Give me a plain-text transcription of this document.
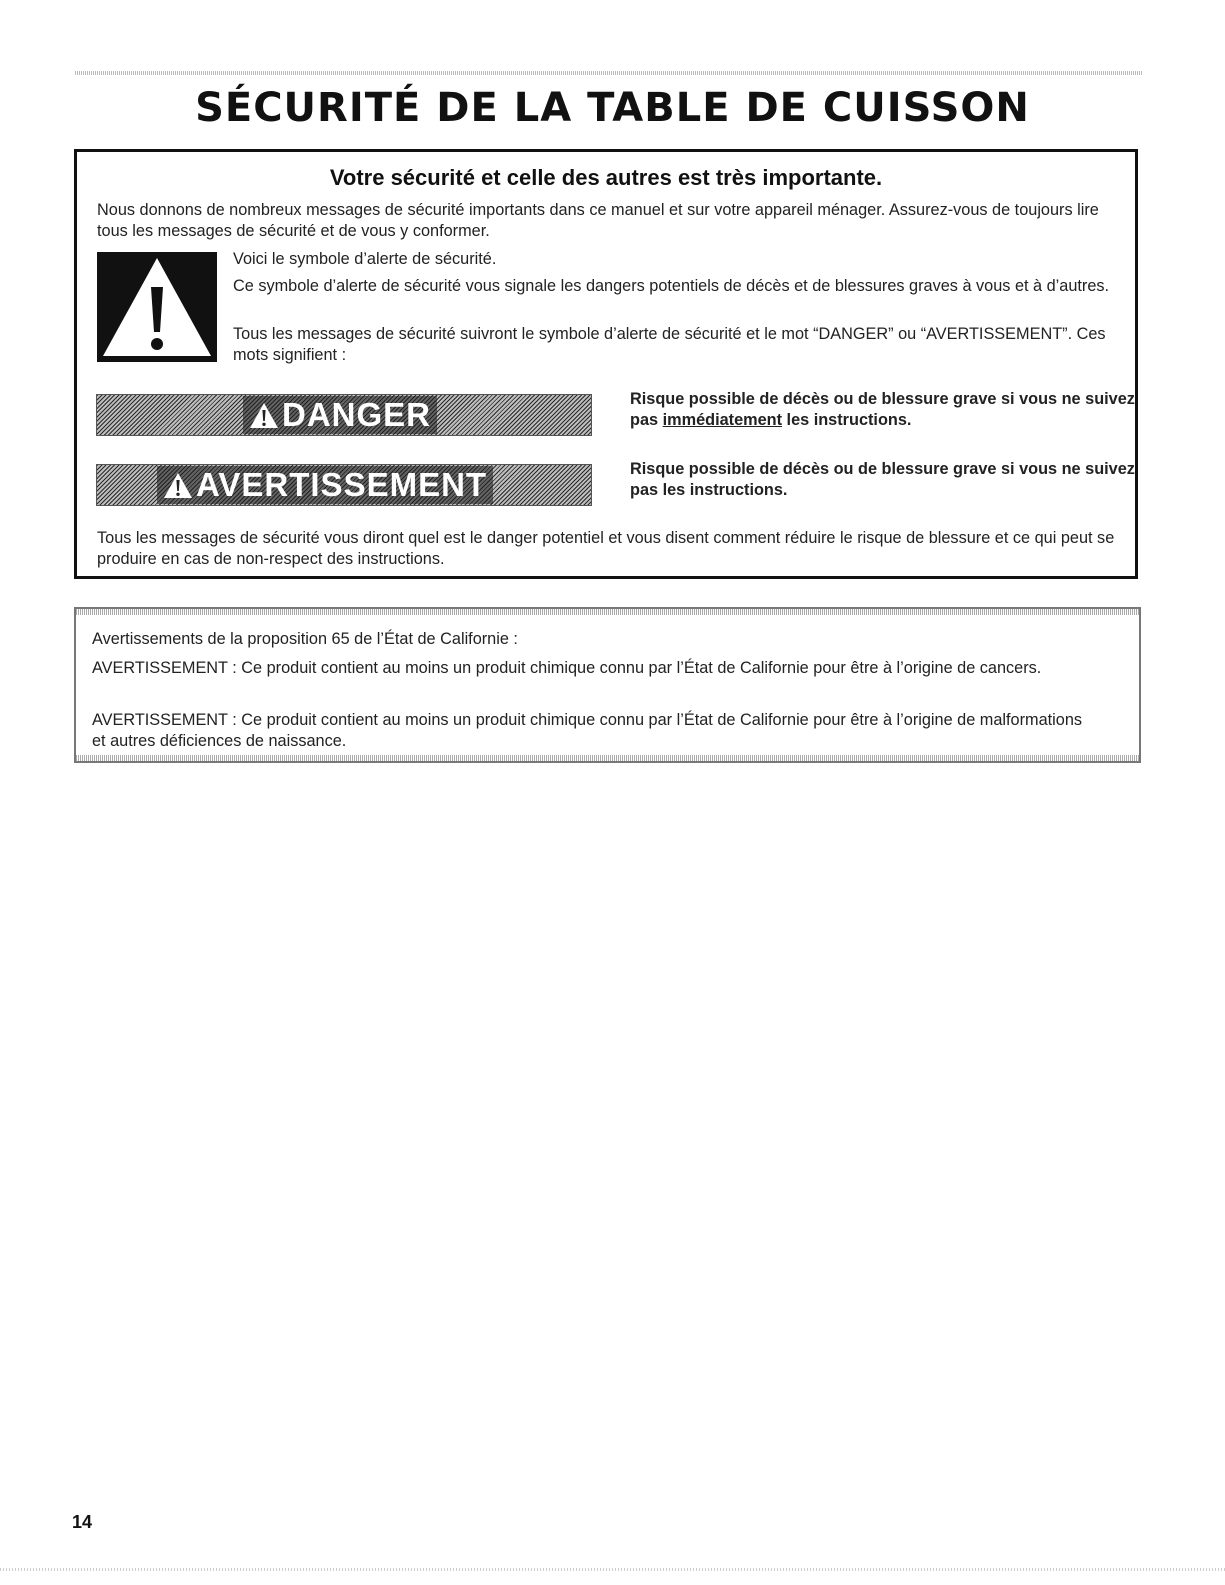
SÉCURITÉ DE LA TABLE DE CUISSON
Votre sécurité et celle des autres est très importante.
Nous donnons de nombreux messages de sécurité importants dans ce manuel et sur votre appareil ménager. Assurez-vous de toujours lire tous les messages de sécurité et de vous y conformer.
Voici le symbole d’alerte de sécurité.
Ce symbole d’alerte de sécurité vous signale les dangers potentiels de décès et de blessures graves à vous et à d’autres.
Tous les messages de sécurité suivront le symbole d’alerte de sécurité et le mot “DANGER” ou “AVERTISSEMENT”. Ces mots signifient :
DANGER	Risque possible de décès ou de blessure grave si vous ne suivez pas immédiatement les instructions.
AVERTISSEMENT	Risque possible de décès ou de blessure grave si vous ne suivez pas les instructions.
Tous les messages de sécurité vous diront quel est le danger potentiel et vous disent comment réduire le risque de blessure et ce qui peut se produire en cas de non-respect des instructions.
Avertissements de la proposition 65 de l’État de Californie :
AVERTISSEMENT : Ce produit contient au moins un produit chimique connu par l’État de Californie pour être à l’origine de cancers.
AVERTISSEMENT : Ce produit contient au moins un produit chimique connu par l’État de Californie pour être à l’origine de malformations et autres déficiences de naissance.
14
